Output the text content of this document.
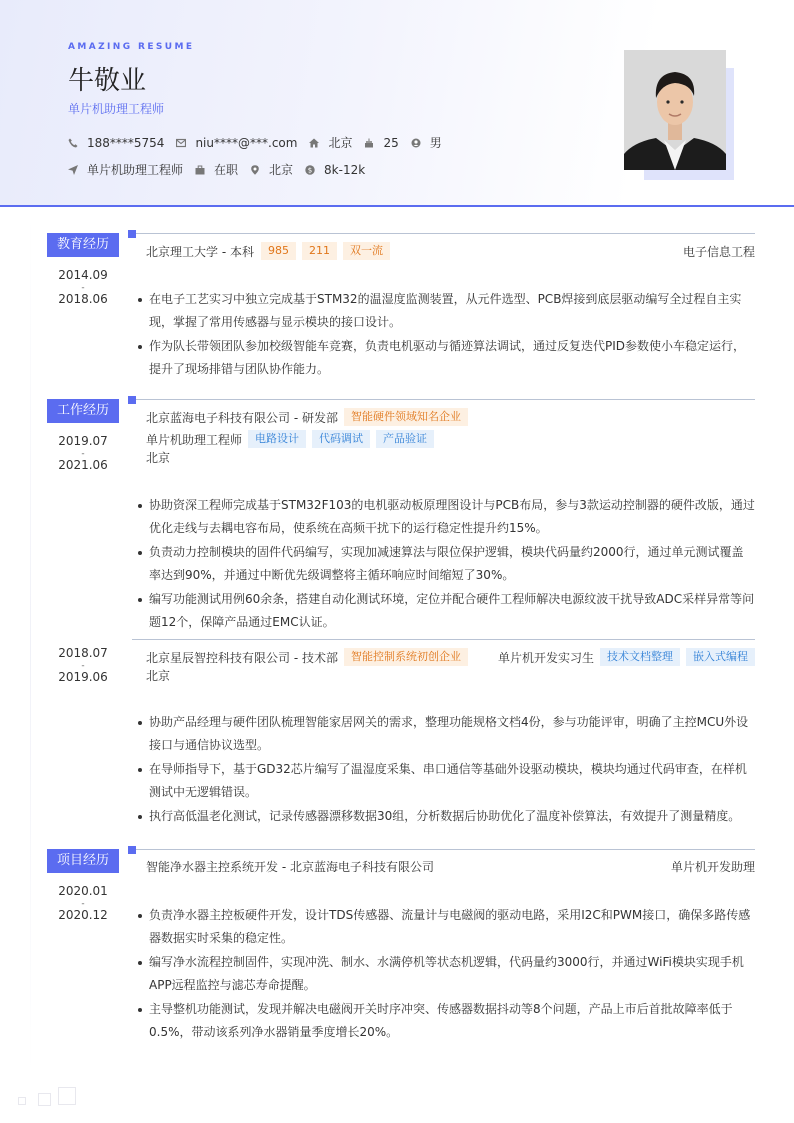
AMAZING RESUME
牛敬业
单片机助理工程师
188****5754	niu****@***.com	北京	25	男
单片机助理工程师	在职	北京 $ 8k-12k
教育经历
2014.09
-
2018.06
北京理工大学 - 本科	985	211	双一流	电子信息工程
在电子工艺实习中独立完成基于STM32的温湿度监测装置，从元件选型、PCB焊接到底层驱动编写全过程自主实现，掌握了常用传感器与显示模块的接口设计。
作为队长带领团队参加校级智能车竞赛，负责电机驱动与循迹算法调试，通过反复迭代PID参数使小车稳定运行，提升了现场排错与团队协作能力。
工作经历
2019.07
-
2021.06
北京蓝海电子科技有限公司 - 研发部	智能硬件领域知名企业
单片机助理工程师	电路设计	代码调试	产品验证
北京
协助资深工程师完成基于STM32F103的电机驱动板原理图设计与PCB布局，参与3款运动控制器的硬件改版，通过优化走线与去耦电容布局，使系统在高频干扰下的运行稳定性提升约15%。
负责动力控制模块的固件代码编写，实现加减速算法与限位保护逻辑，模块代码量约2000行，通过单元测试覆盖率达到90%，并通过中断优先级调整将主循环响应时间缩短了30%。
编写功能测试用例60余条，搭建自动化测试环境，定位并配合硬件工程师解决电源纹波干扰导致ADC采样异常等问题12个，保障产品通过EMC认证。
2018.07
-
2019.06
北京星辰智控科技有限公司 - 技术部	智能控制系统初创企业	单片机开发实习生	技术文档整理	嵌入式编程
北京
协助产品经理与硬件团队梳理智能家居网关的需求，整理功能规格文档4份，参与功能评审，明确了主控MCU外设接口与通信协议选型。
在导师指导下，基于GD32芯片编写了温湿度采集、串口通信等基础外设驱动模块，模块均通过代码审查，在样机测试中无逻辑错误。
执行高低温老化测试，记录传感器漂移数据30组，分析数据后协助优化了温度补偿算法，有效提升了测量精度。
项目经历
2020.01
-
2020.12
智能净水器主控系统开发 - 北京蓝海电子科技有限公司	单片机开发助理
负责净水器主控板硬件开发，设计TDS传感器、流量计与电磁阀的驱动电路，采用I2C和PWM接口，确保多路传感器数据实时采集的稳定性。
编写净水流程控制固件，实现冲洗、制水、水满停机等状态机逻辑，代码量约3000行，并通过WiFi模块实现手机APP远程监控与滤芯寿命提醒。
主导整机功能测试，发现并解决电磁阀开关时序冲突、传感器数据抖动等8个问题，产品上市后首批故障率低于0.5%，带动该系列净水器销量季度增长20%。
